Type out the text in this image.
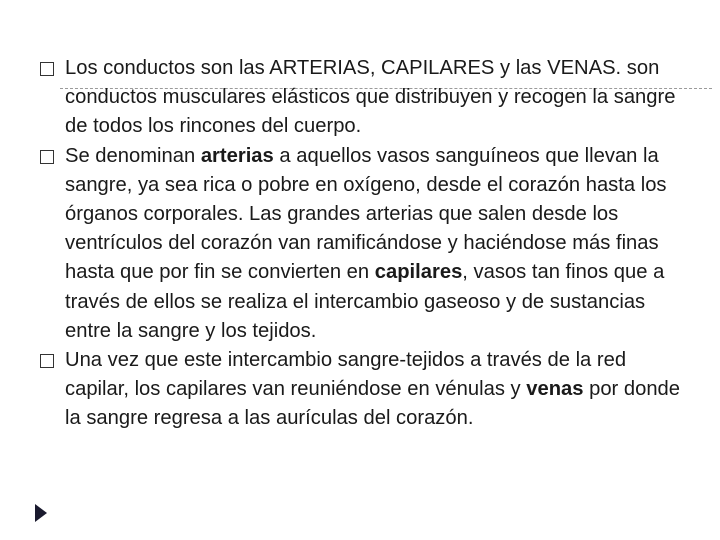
Los conductos son las ARTERIAS, CAPILARES y las VENAS. son conductos musculares elásticos que distribuyen y recogen la sangre de todos los rincones del cuerpo.
Se denominan arterias a aquellos vasos sanguíneos que llevan la sangre, ya sea rica o pobre en oxígeno, desde el corazón hasta los órganos corporales. Las grandes arterias que salen desde los ventrículos del corazón van ramificándose y haciéndose más finas hasta que por fin se convierten en capilares, vasos tan finos que a través de ellos se realiza el intercambio gaseoso y de sustancias entre la sangre y los tejidos.
Una vez que este intercambio sangre-tejidos a través de la red capilar, los capilares van reuniéndose en vénulas y venas por donde la sangre regresa a las aurículas del corazón.
